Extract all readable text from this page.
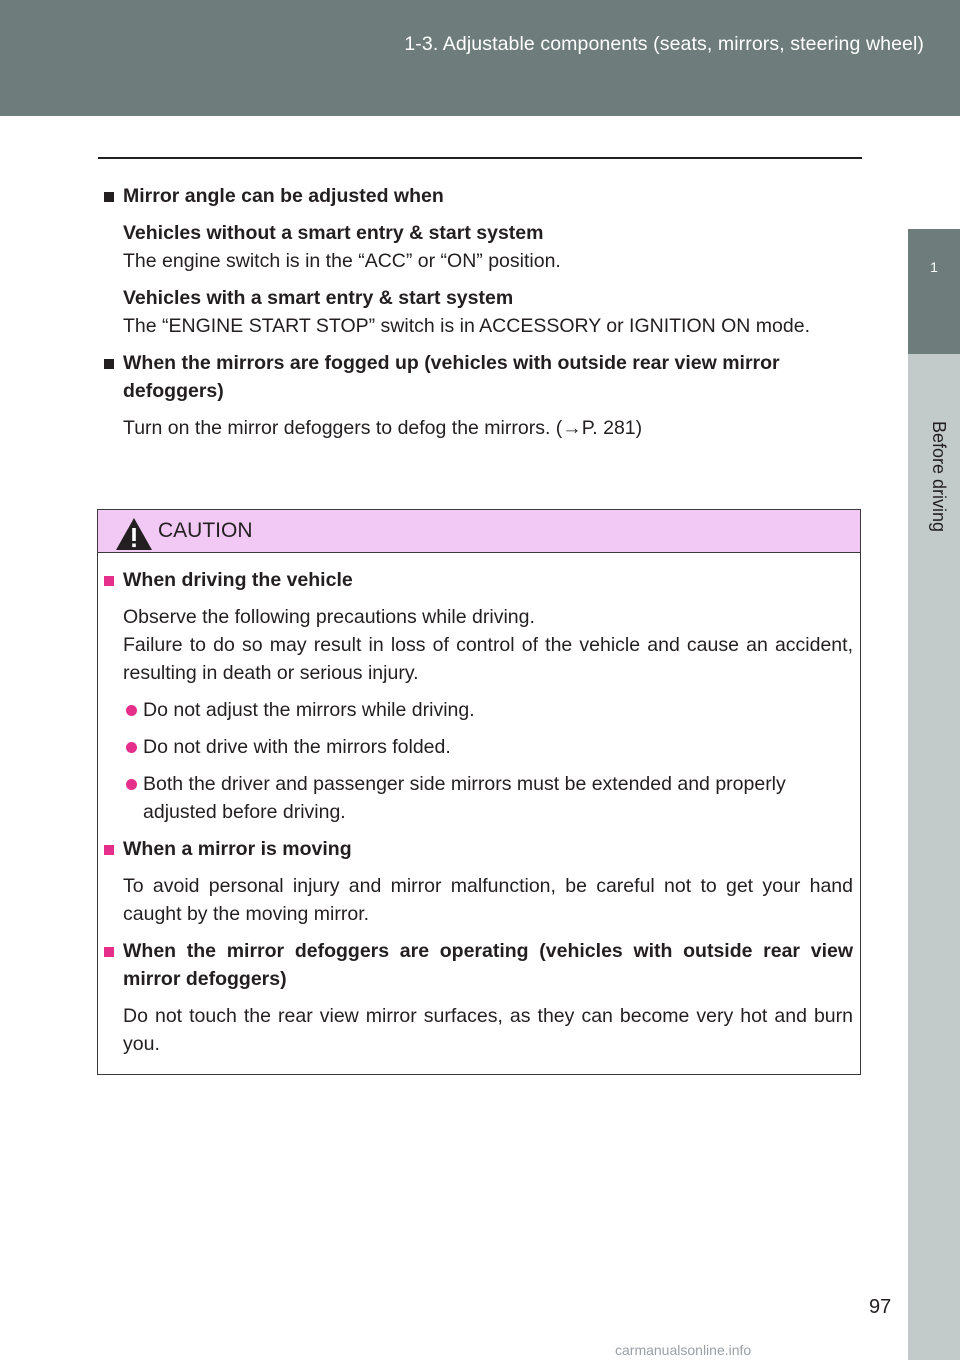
1-3. Adjustable components (seats, mirrors, steering wheel)
1
Before driving

Mirror angle can be adjusted when

Vehicles without a smart entry & start system
The engine switch is in the “ACC” or “ON” position.
Vehicles with a smart entry & start system
The “ENGINE START STOP” switch is in ACCESSORY or IGNITION ON mode.

When the mirrors are fogged up (vehicles with outside rear view mirror defoggers)

Turn on the mirror defoggers to defog the mirrors. (→P. 281)
CAUTION
When driving the vehicle
Observe the following precautions while driving.
Failure to do so may result in loss of control of the vehicle and cause an accident, resulting in death or serious injury.
Do not adjust the mirrors while driving.
Do not drive with the mirrors folded.
Both the driver and passenger side mirrors must be extended and properly adjusted before driving.
When a mirror is moving
To avoid personal injury and mirror malfunction, be careful not to get your hand caught by the moving mirror.
When the mirror defoggers are operating (vehicles with outside rear view mirror defoggers)
Do not touch the rear view mirror surfaces, as they can become very hot and burn you.
97
carmanualsonline.info
